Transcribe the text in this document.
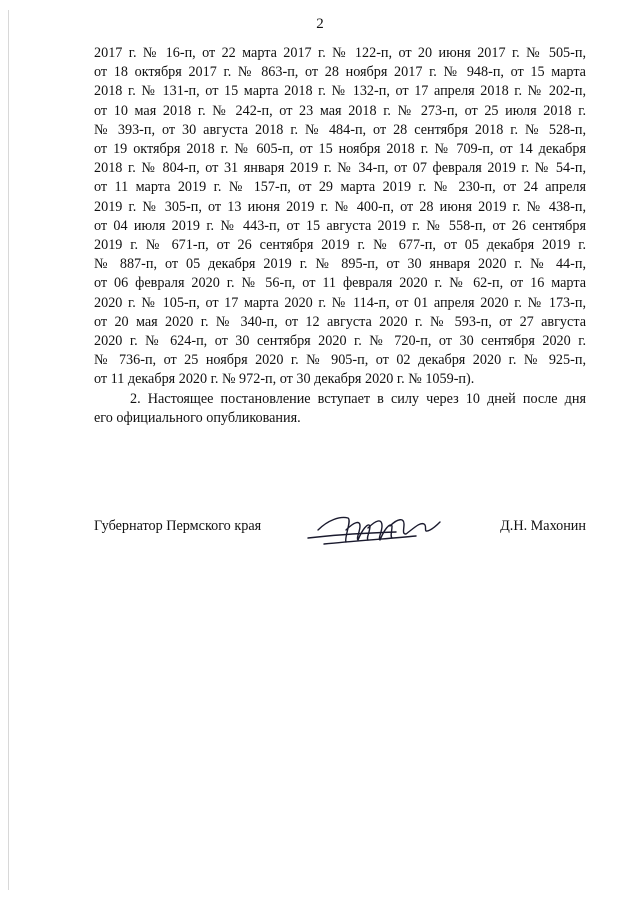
2
2017 г. № 16-п, от 22 марта 2017 г. № 122-п, от 20 июня 2017 г. № 505-п,
от 18 октября 2017 г. № 863-п, от 28 ноября 2017 г. № 948-п, от 15 марта
2018 г. № 131-п, от 15 марта 2018 г. № 132-п, от 17 апреля 2018 г. № 202-п,
от 10 мая 2018 г. № 242-п, от 23 мая 2018 г. № 273-п, от 25 июля 2018 г.
№ 393-п, от 30 августа 2018 г. № 484-п, от 28 сентября 2018 г. № 528-п,
от 19 октября 2018 г. № 605-п, от 15 ноября 2018 г. № 709-п, от 14 декабря
2018 г. № 804-п, от 31 января 2019 г. № 34-п, от 07 февраля 2019 г. № 54-п,
от 11 марта 2019 г. № 157-п, от 29 марта 2019 г. № 230-п, от 24 апреля
2019 г. № 305-п, от 13 июня 2019 г. № 400-п, от 28 июня 2019 г. № 438-п,
от 04 июля 2019 г. № 443-п, от 15 августа 2019 г. № 558-п, от 26 сентября
2019 г. № 671-п, от 26 сентября 2019 г. № 677-п, от 05 декабря 2019 г.
№ 887-п, от 05 декабря 2019 г. № 895-п, от 30 января 2020 г. № 44-п,
от 06 февраля 2020 г. № 56-п, от 11 февраля 2020 г. № 62-п, от 16 марта
2020 г. № 105-п, от 17 марта 2020 г. № 114-п, от 01 апреля 2020 г. № 173-п,
от 20 мая 2020 г. № 340-п, от 12 августа 2020 г. № 593-п, от 27 августа
2020 г. № 624-п, от 30 сентября 2020 г. № 720-п, от 30 сентября 2020 г.
№ 736-п, от 25 ноября 2020 г. № 905-п, от 02 декабря 2020 г. № 925-п,
от 11 декабря 2020 г. № 972-п, от 30 декабря 2020 г. № 1059-п).
2. Настоящее постановление вступает в силу через 10 дней после дня
его официального опубликования.
Губернатор Пермского края	Д.Н. Махонин
